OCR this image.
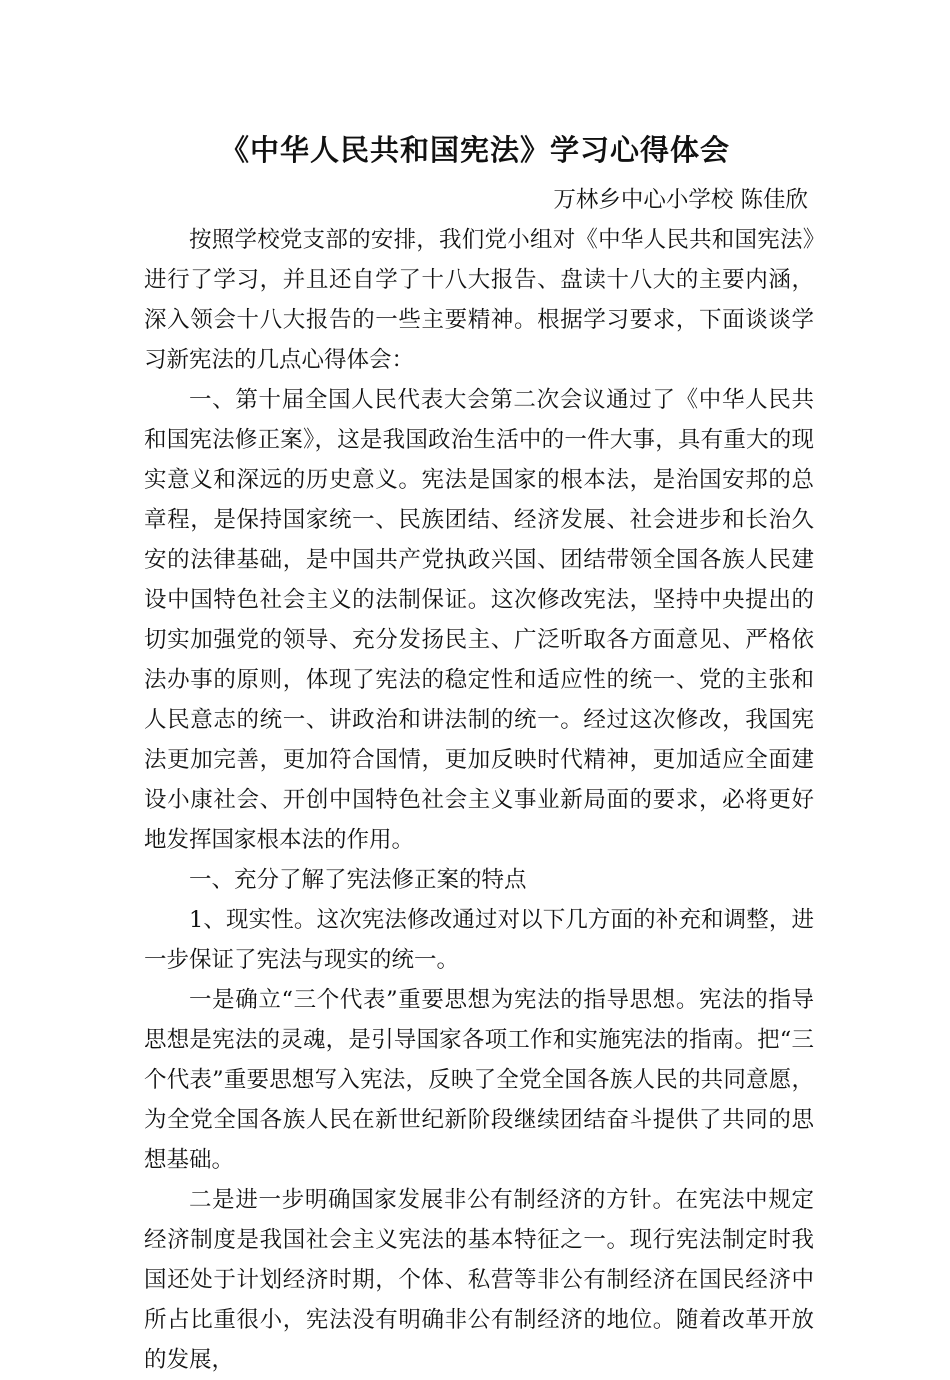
《中华人民共和国宪法》学习心得体会
万林乡中心小学校 陈佳欣

按照学校党支部的安排，我们党小组对《中华人民共和国宪法》进行了学习，并且还自学了十八大报告、盘读十八大的主要内涵，深入领会十八大报告的一些主要精神。根据学习要求，下面谈谈学习新宪法的几点心得体会：

一、第十届全国人民代表大会第二次会议通过了《中华人民共和国宪法修正案》，这是我国政治生活中的一件大事，具有重大的现实意义和深远的历史意义。宪法是国家的根本法，是治国安邦的总章程，是保持国家统一、民族团结、经济发展、社会进步和长治久安的法律基础，是中国共产党执政兴国、团结带领全国各族人民建设中国特色社会主义的法制保证。这次修改宪法，坚持中央提出的切实加强党的领导、充分发扬民主、广泛听取各方面意见、严格依法办事的原则，体现了宪法的稳定性和适应性的统一、党的主张和人民意志的统一、讲政治和讲法制的统一。经过这次修改，我国宪法更加完善，更加符合国情，更加反映时代精神，更加适应全面建设小康社会、开创中国特色社会主义事业新局面的要求，必将更好地发挥国家根本法的作用。

一、充分了解了宪法修正案的特点

1、现实性。这次宪法修改通过对以下几方面的补充和调整，进一步保证了宪法与现实的统一。

一是确立“三个代表”重要思想为宪法的指导思想。宪法的指导思想是宪法的灵魂，是引导国家各项工作和实施宪法的指南。把“三个代表”重要思想写入宪法，反映了全党全国各族人民的共同意愿，为全党全国各族人民在新世纪新阶段继续团结奋斗提供了共同的思想基础。

二是进一步明确国家发展非公有制经济的方针。在宪法中规定经济制度是我国社会主义宪法的基本特征之一。现行宪法制定时我国还处于计划经济时期，个体、私营等非公有制经济在国民经济中所占比重很小，宪法没有明确非公有制经济的地位。随着改革开放的发展，
